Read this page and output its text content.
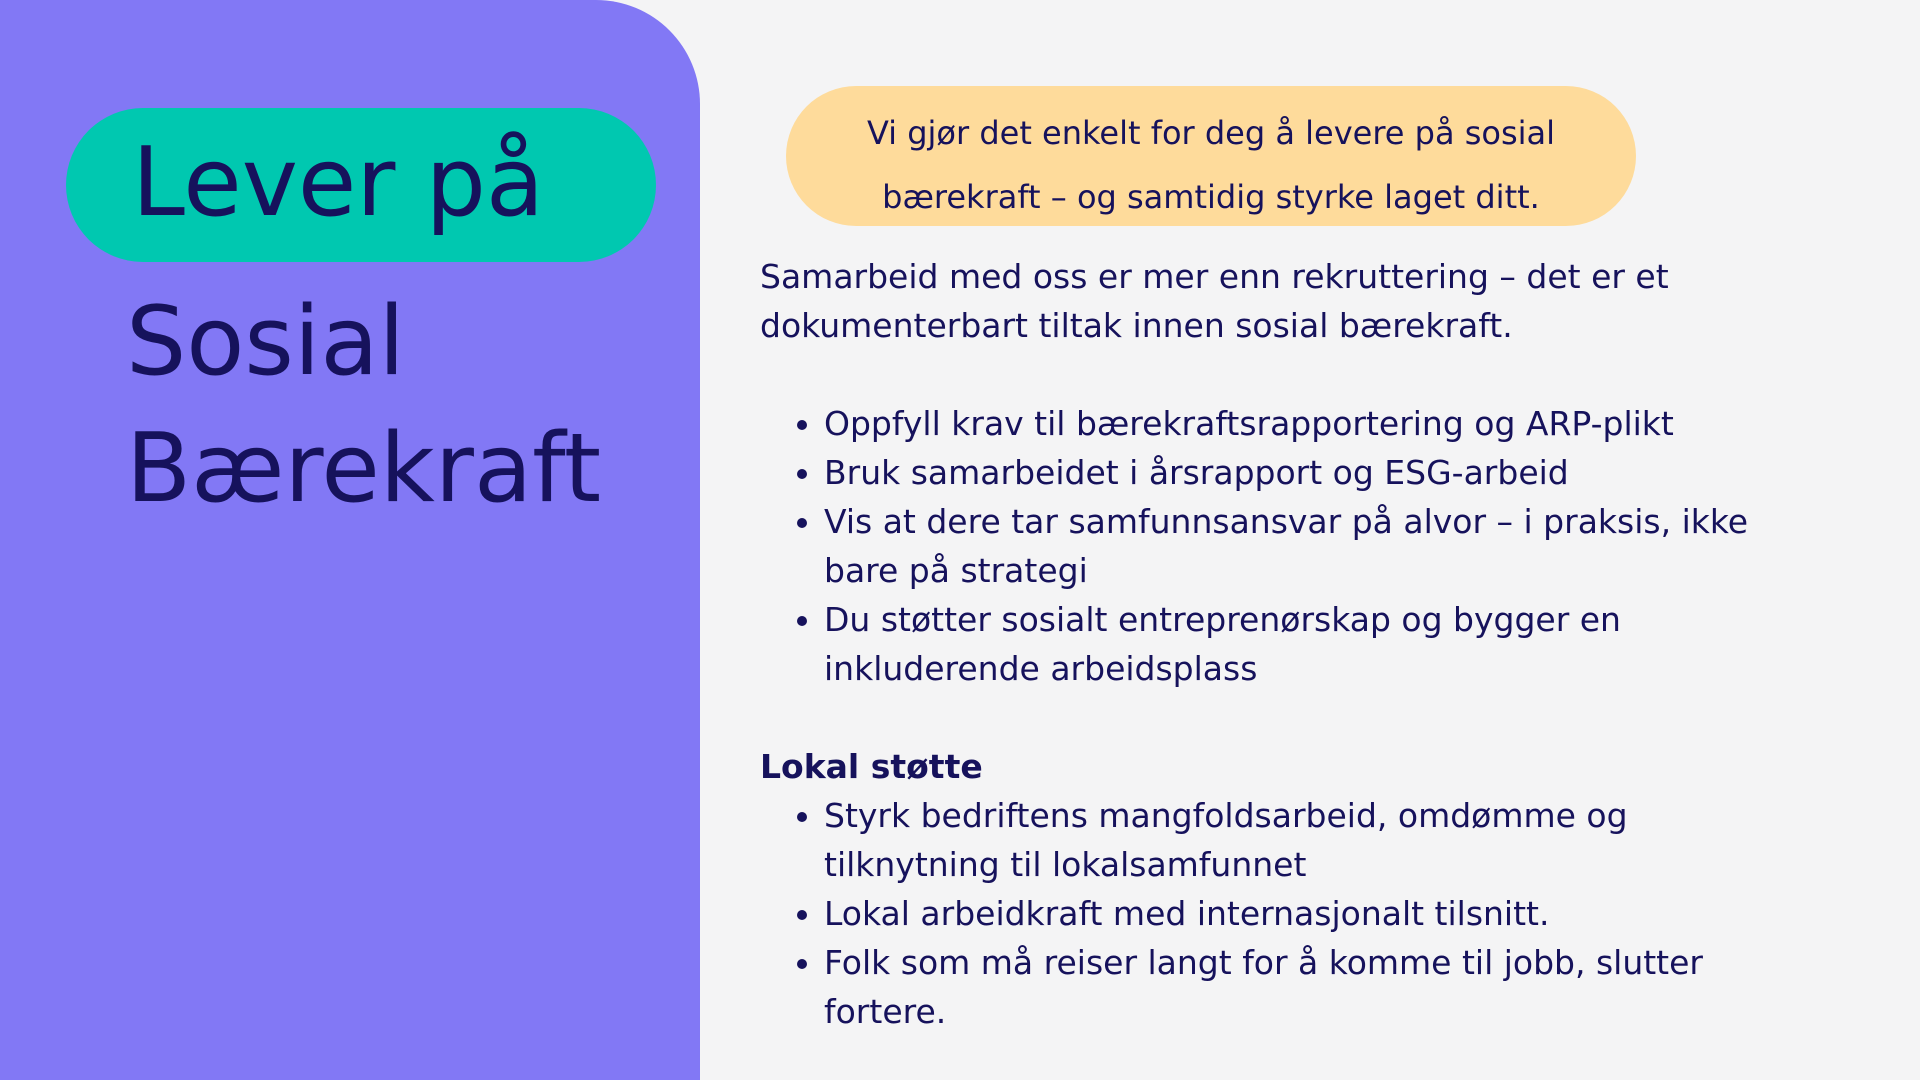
Lever på
Sosial
Bærekraft
Vi gjør det enkelt for deg å levere på sosial
bærekraft – og samtidig styrke laget ditt.

Samarbeid med oss er mer enn rekruttering – det er et dokumenterbart tiltak innen sosial bærekraft.

• Oppfyll krav til bærekraftsrapportering og ARP-plikt
• Bruk samarbeidet i årsrapport og ESG-arbeid
• Vis at dere tar samfunnsansvar på alvor – i praksis, ikke bare på strategi
• Du støtter sosialt entreprenørskap og bygger en inkluderende arbeidsplass
Lokal støtte
• Styrk bedriftens mangfoldsarbeid, omdømme og tilknytning til lokalsamfunnet
• Lokal arbeidkraft med internasjonalt tilsnitt.
• Folk som må reiser langt for å komme til jobb, slutter fortere.
